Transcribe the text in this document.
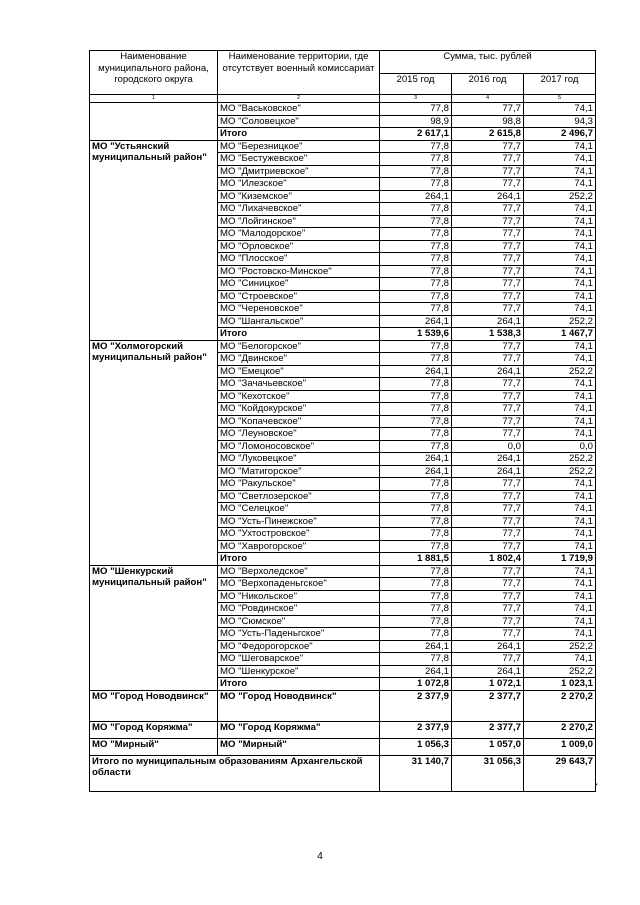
Наименование муниципального района, городского округа	Наименование территории, где отсутствует военный комиссариат	Сумма, тыс. рублей		
		2015 год	2016 год	2017 год
1	2	3	4	5
	МО "Васьковское"	77,8	77,7	74,1
	МО "Соловецкое"	98,9	98,8	94,3
	Итого	2 617,1	2 615,8	2 496,7
МО "Устьянский муниципальный район"	МО "Березницкое"	77,8	77,7	74,1
	МО "Бестужевское"	77,8	77,7	74,1
	МО "Дмитриевское"	77,8	77,7	74,1
	МО "Илезское"	77,8	77,7	74,1
	МО "Киземское"	264,1	264,1	252,2
	МО "Лихачевское"	77,8	77,7	74,1
	МО "Лойгинское"	77,8	77,7	74,1
	МО "Малодорское"	77,8	77,7	74,1
	МО "Орловское"	77,8	77,7	74,1
	МО "Плосское"	77,8	77,7	74,1
	МО "Ростовско-Минское"	77,8	77,7	74,1
	МО "Синицкое"	77,8	77,7	74,1
	МО "Строевское"	77,8	77,7	74,1
	МО "Череновское"	77,8	77,7	74,1
	МО "Шангальское"	264,1	264,1	252,2
	Итого	1 539,6	1 538,3	1 467,7
МО "Холмогорский муниципальный район"	МО "Белогорское"	77,8	77,7	74,1
	МО "Двинское"	77,8	77,7	74,1
	МО "Емецкое"	264,1	264,1	252,2
	МО "Зачачьевское"	77,8	77,7	74,1
	МО "Кехотское"	77,8	77,7	74,1
	МО "Койдокурское"	77,8	77,7	74,1
	МО "Копачевское"	77,8	77,7	74,1
	МО "Леуновское"	77,8	77,7	74,1
	МО "Ломоносовское"	77,8	0,0	0,0
	МО "Луковецкое"	264,1	264,1	252,2
	МО "Матигорское"	264,1	264,1	252,2
	МО "Ракульское"	77,8	77,7	74,1
	МО "Светлозерское"	77,8	77,7	74,1
	МО "Селецкое"	77,8	77,7	74,1
	МО "Усть-Пинежское"	77,8	77,7	74,1
	МО "Ухтостровское"	77,8	77,7	74,1
	МО "Хаврогорское"	77,8	77,7	74,1
	Итого	1 881,5	1 802,4	1 719,9
МО "Шенкурский муниципальный район"	МО "Верхоледское"	77,8	77,7	74,1
	МО "Верхопаденьгское"	77,8	77,7	74,1
	МО "Никольское"	77,8	77,7	74,1
	МО "Ровдинское"	77,8	77,7	74,1
	МО "Сюмское"	77,8	77,7	74,1
	МО "Усть-Паденьгское"	77,8	77,7	74,1
	МО "Федорогорское"	264,1	264,1	252,2
	МО "Шеговарское"	77,8	77,7	74,1
	МО "Шенкурское"	264,1	264,1	252,2
	Итого	1 072,8	1 072,1	1 023,1
МО "Город Новодвинск"	МО "Город Новодвинск"	2 377,9	2 377,7	2 270,2
МО "Город Коряжма"	МО "Город Коряжма"	2 377,9	2 377,7	2 270,2
МО "Мирный"	МО "Мирный"	1 056,3	1 057,0	1 009,0
Итого по муниципальным образованиям Архангельской области		31 140,7	31 056,3	29 643,7
4
*
